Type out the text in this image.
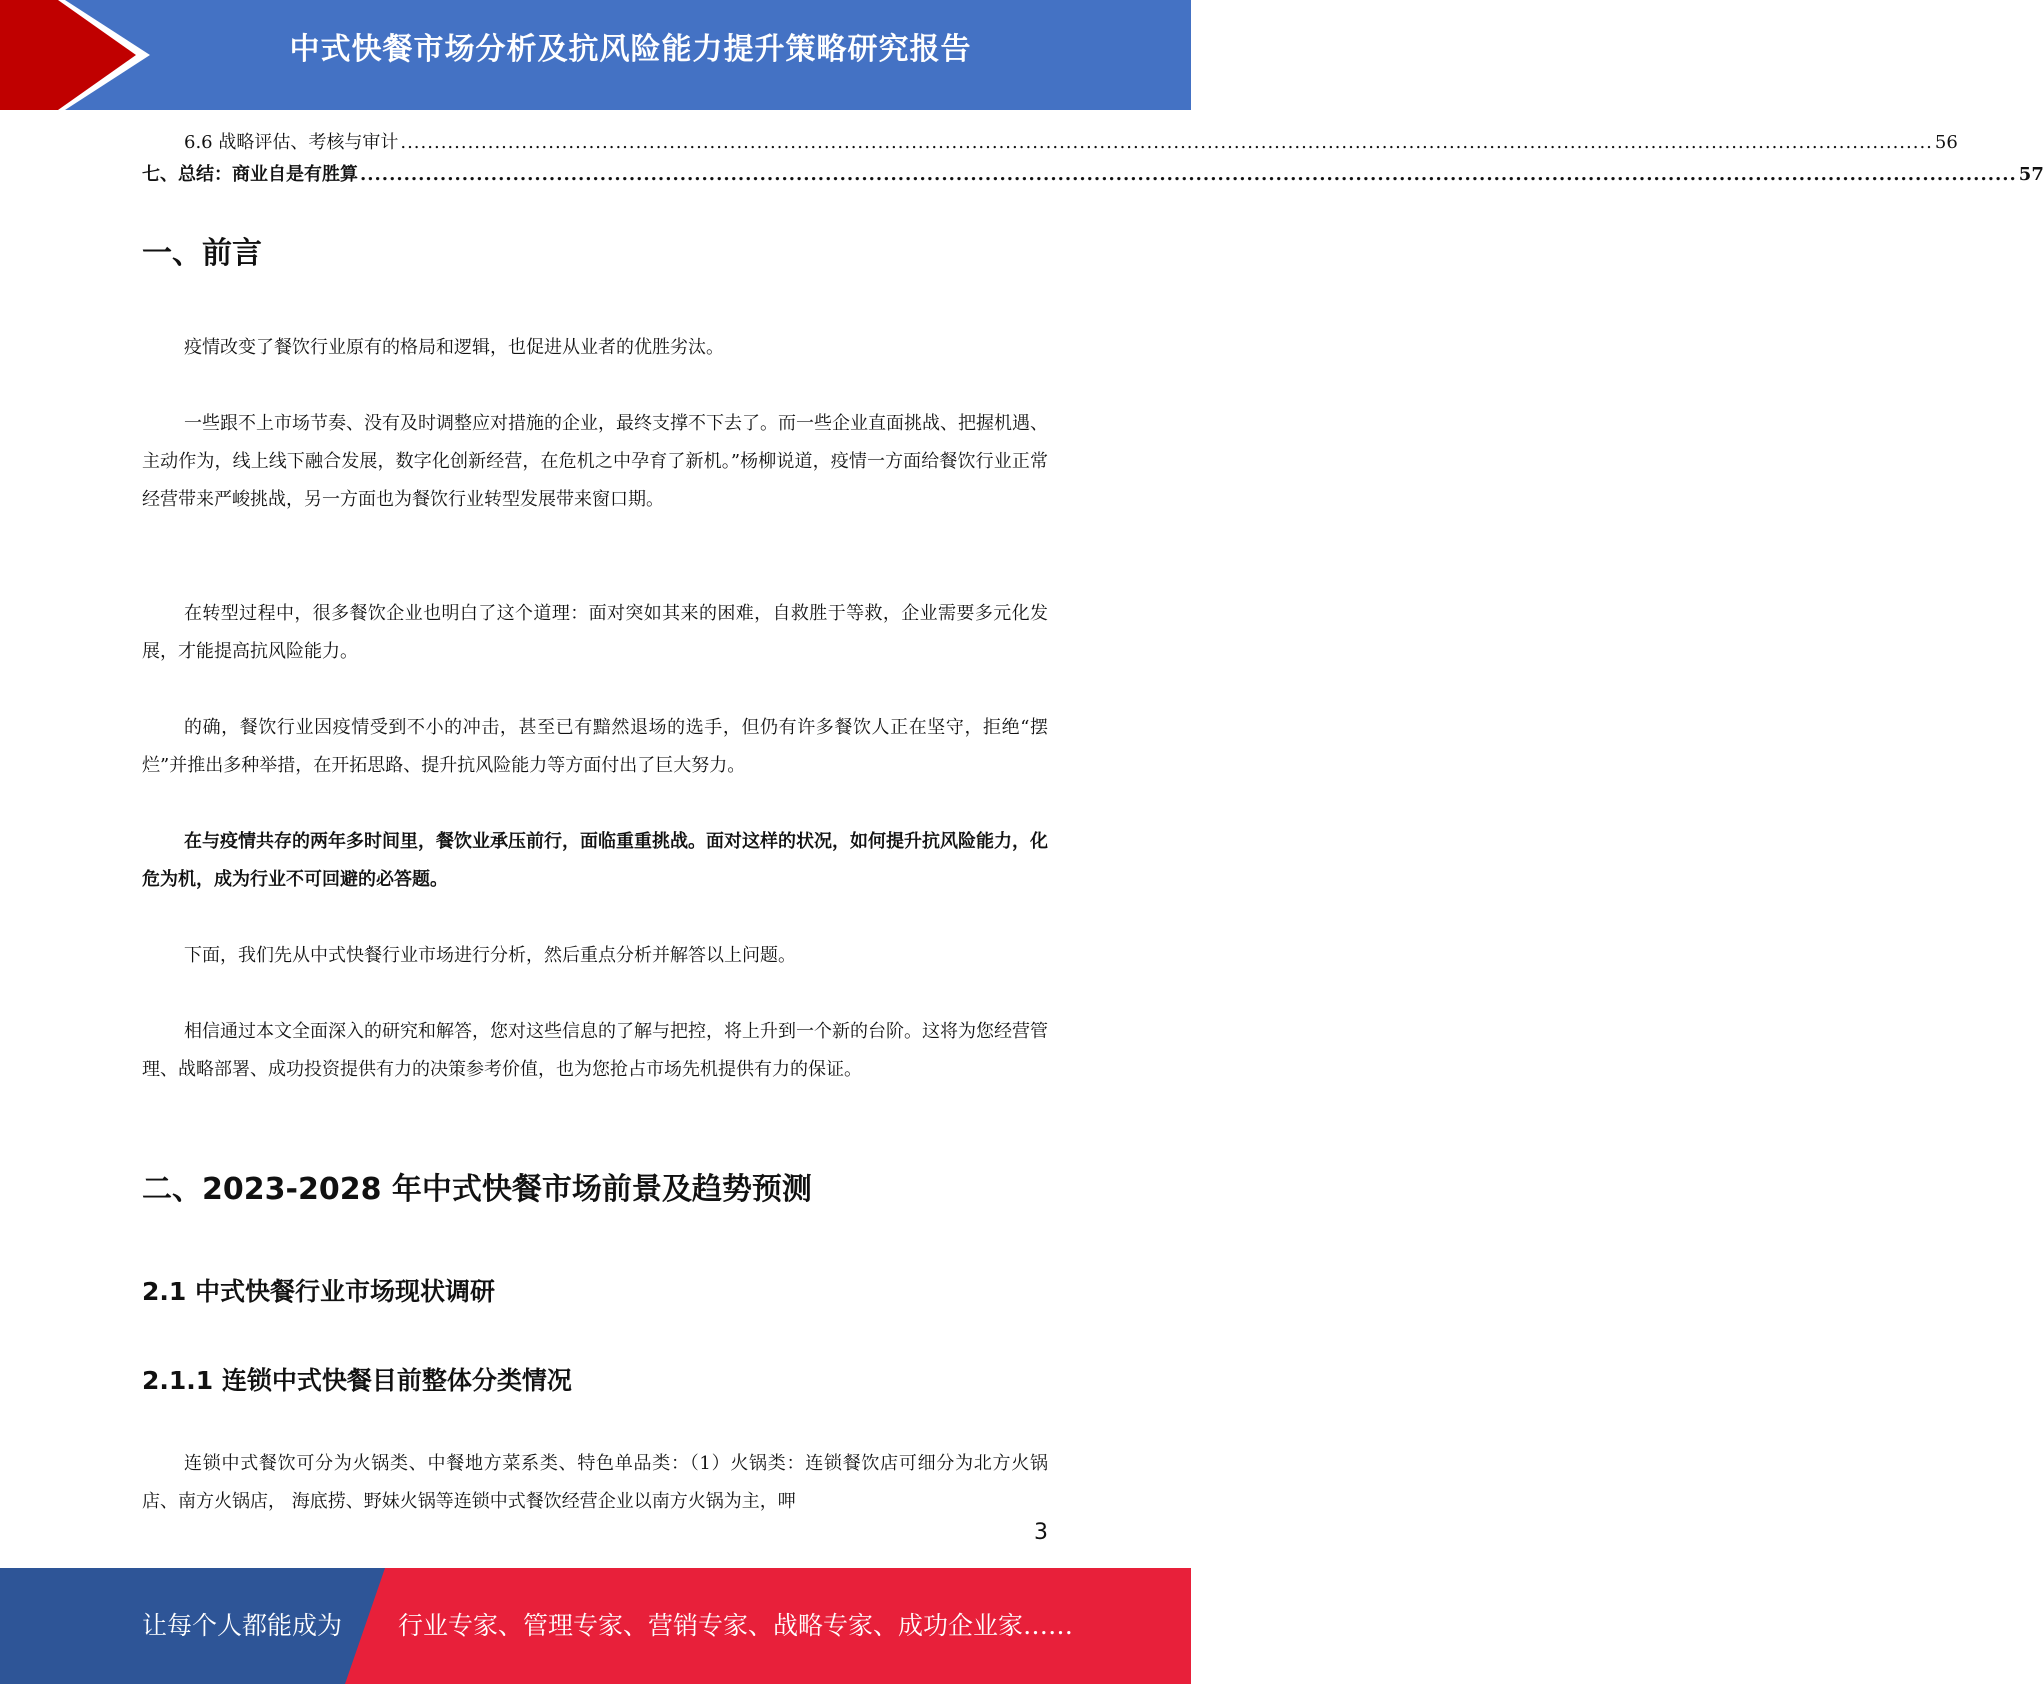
中式快餐市场分析及抗风险能力提升策略研究报告
6.6 战略评估、考核与审计 .................................................................................................................................................................................................................................... 56
七、总结：商业自是有胜算 .................................................................................................................................................................................................................................... 57
一、前言

疫情改变了餐饮行业原有的格局和逻辑，也促进从业者的优胜劣汰。

一些跟不上市场节奏、没有及时调整应对措施的企业，最终支撑不下去了。而一些企业直面挑战、把握机遇、主动作为，线上线下融合发展，数字化创新经营，在危机之中孕育了新机。”杨柳说道，疫情一方面给餐饮行业正常经营带来严峻挑战，另一方面也为餐饮行业转型发展带来窗口期。

在转型过程中，很多餐饮企业也明白了这个道理：面对突如其来的困难，自救胜于等救，企业需要多元化发展，才能提高抗风险能力。

的确，餐饮行业因疫情受到不小的冲击，甚至已有黯然退场的选手，但仍有许多餐饮人正在坚守，拒绝“摆烂”并推出多种举措，在开拓思路、提升抗风险能力等方面付出了巨大努力。

在与疫情共存的两年多时间里，餐饮业承压前行，面临重重挑战。面对这样的状况，如何提升抗风险能力，化危为机，成为行业不可回避的必答题。

下面，我们先从中式快餐行业市场进行分析，然后重点分析并解答以上问题。

相信通过本文全面深入的研究和解答，您对这些信息的了解与把控，将上升到一个新的台阶。这将为您经营管理、战略部署、成功投资提供有力的决策参考价值，也为您抢占市场先机提供有力的保证。

二、2023-2028 年中式快餐市场前景及趋势预测
2.1 中式快餐行业市场现状调研
2.1.1 连锁中式快餐目前整体分类情况

连锁中式餐饮可分为火锅类、中餐地方菜系类、特色单品类：（1）火锅类：连锁餐饮店可细分为北方火锅店、南方火锅店， 海底捞、野妹火锅等连锁中式餐饮经营企业以南方火锅为主，呷

3
让每个人都能成为 行业专家、管理专家、营销专家、战略专家、成功企业家……
